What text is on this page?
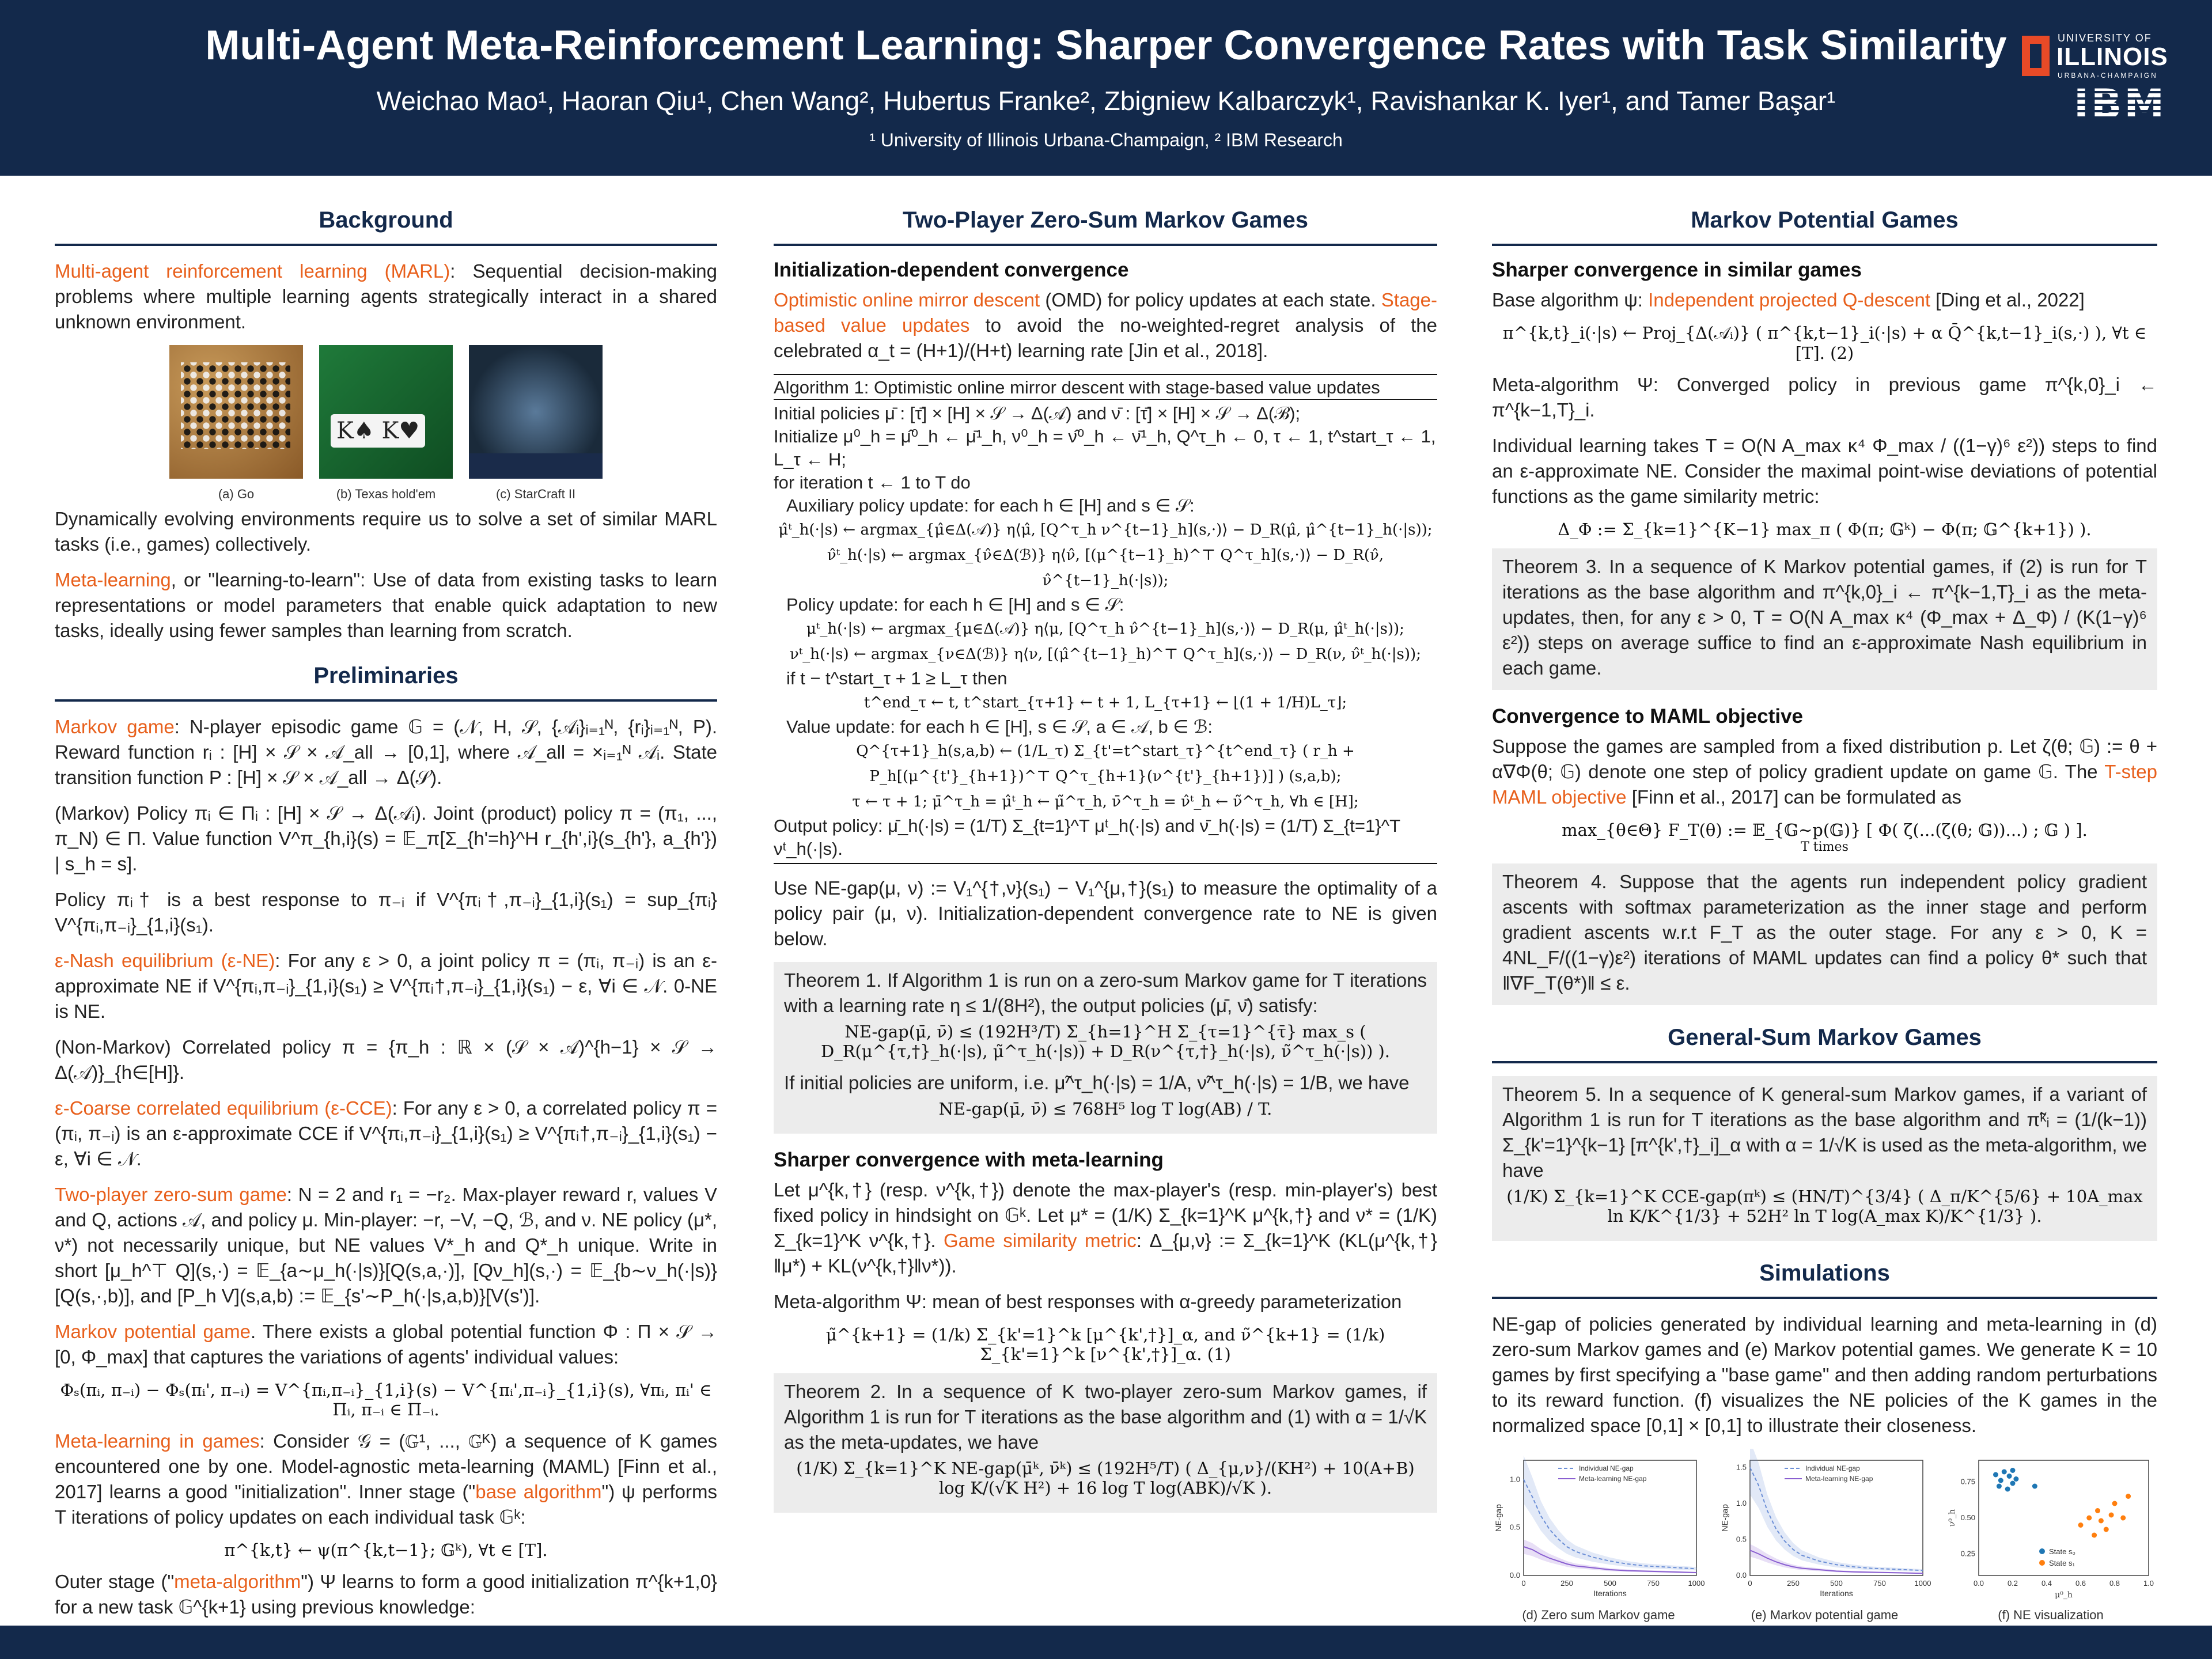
Multi-Agent Meta-Reinforcement Learning: Sharper Convergence Rates with Task Similarity
Weichao Mao¹, Haoran Qiu¹, Chen Wang², Hubertus Franke², Zbigniew Kalbarczyk¹, Ravishankar K. Iyer¹, and Tamer Başar¹
¹ University of Illinois Urbana-Champaign, ² IBM Research
UNIVERSITY OF
ILLINOIS
URBANA-CHAMPAIGN
IBM
Background

Multi-agent reinforcement learning (MARL): Sequential decision-making problems where multiple learning agents strategically interact in a shared unknown environment.

(a) Go
K♠ K♥	(b) Texas hold'em	(c) StarCraft II

Dynamically evolving environments require us to solve a set of similar MARL tasks (i.e., games) collectively.

Meta-learning, or "learning-to-learn": Use of data from existing tasks to learn representations or model parameters that enable quick adaptation to new tasks, ideally using fewer samples than learning from scratch.

Preliminaries

Markov game: N-player episodic game 𝔾 = (𝒩, H, 𝒮, {𝒜ᵢ}ᵢ₌₁ᴺ, {rᵢ}ᵢ₌₁ᴺ, P). Reward function rᵢ : [H] × 𝒮 × 𝒜_all → [0,1], where 𝒜_all = ×ᵢ₌₁ᴺ 𝒜ᵢ. State transition function P : [H] × 𝒮 × 𝒜_all → Δ(𝒮).

(Markov) Policy πᵢ ∈ Πᵢ : [H] × 𝒮 → Δ(𝒜ᵢ). Joint (product) policy π = (π₁, ..., π_N) ∈ Π. Value function V^π_{h,i}(s) = 𝔼_π[Σ_{h'=h}^H r_{h',i}(s_{h'}, a_{h'}) | s_h = s].

Policy πᵢ† is a best response to π₋ᵢ if V^{πᵢ†,π₋ᵢ}_{1,i}(s₁) = sup_{πᵢ} V^{πᵢ,π₋ᵢ}_{1,i}(s₁).

ε-Nash equilibrium (ε-NE): For any ε > 0, a joint policy π = (πᵢ, π₋ᵢ) is an ε-approximate NE if V^{πᵢ,π₋ᵢ}_{1,i}(s₁) ≥ V^{πᵢ†,π₋ᵢ}_{1,i}(s₁) − ε, ∀i ∈ 𝒩. 0-NE is NE.

(Non-Markov) Correlated policy π = {π_h : ℝ × (𝒮 × 𝒜)^{h−1} × 𝒮 → Δ(𝒜)}_{h∈[H]}.

ε-Coarse correlated equilibrium (ε-CCE): For any ε > 0, a correlated policy π = (πᵢ, π₋ᵢ) is an ε-approximate CCE if V^{πᵢ,π₋ᵢ}_{1,i}(s₁) ≥ V^{πᵢ†,π₋ᵢ}_{1,i}(s₁) − ε, ∀i ∈ 𝒩.

Two-player zero-sum game: N = 2 and r₁ = −r₂. Max-player reward r, values V and Q, actions 𝒜, and policy μ. Min-player: −r, −V, −Q, ℬ, and ν. NE policy (μ*, ν*) not necessarily unique, but NE values V*_h and Q*_h unique. Write in short [μ_h^⊤ Q](s,·) = 𝔼_{a∼μ_h(·|s)}[Q(s,a,·)], [Qν_h](s,·) = 𝔼_{b∼ν_h(·|s)}[Q(s,·,b)], and [P_h V](s,a,b) := 𝔼_{s'∼P_h(·|s,a,b)}[V(s')].

Markov potential game. There exists a global potential function Φ : Π × 𝒮 → [0, Φ_max] that captures the variations of agents' individual values:

Φₛ(πᵢ, π₋ᵢ) − Φₛ(πᵢ', π₋ᵢ) = V^{πᵢ,π₋ᵢ}_{1,i}(s) − V^{πᵢ',π₋ᵢ}_{1,i}(s), ∀πᵢ, πᵢ' ∈ Πᵢ, π₋ᵢ ∈ Π₋ᵢ.

Meta-learning in games: Consider 𝒢 = (𝔾¹, ..., 𝔾ᴷ) a sequence of K games encountered one by one. Model-agnostic meta-learning (MAML) [Finn et al., 2017] learns a good "initialization". Inner stage ("base algorithm") ψ performs T iterations of policy updates on each individual task 𝔾ᵏ:

π^{k,t} ← ψ(π^{k,t−1}; 𝔾ᵏ), ∀t ∈ [T].

Outer stage ("meta-algorithm") Ψ learns to form a good initialization π^{k+1,0} for a new task 𝔾^{k+1} using previous knowledge:

Two-Player Zero-Sum Markov Games
Initialization-dependent convergence

Optimistic online mirror descent (OMD) for policy updates at each state. Stage-based value updates to avoid the no-weighted-regret analysis of the celebrated α_t = (H+1)/(H+t) learning rate [Jin et al., 2018].

Algorithm 1: Optimistic online mirror descent with stage-based value updates
Initial policies μ̄ : [τ̄] × [H] × 𝒮 → Δ(𝒜) and ν̄ : [τ̄] × [H] × 𝒮 → Δ(ℬ);
Initialize μ⁰_h = μ̂⁰_h ← μ̄¹_h, ν⁰_h = ν̂⁰_h ← ν̄¹_h, Q^τ_h ← 0, τ ← 1, t^start_τ ← 1, L_τ ← H;
for iteration t ← 1 to T do
Auxiliary policy update: for each h ∈ [H] and s ∈ 𝒮:
μ̂ᵗ_h(·|s) ← argmax_{μ̂∈Δ(𝒜)} η⟨μ̂, [Q^τ_h ν^{t−1}_h](s,·)⟩ − D_R(μ̂, μ̂^{t−1}_h(·|s));
ν̂ᵗ_h(·|s) ← argmax_{ν̂∈Δ(ℬ)} η⟨ν̂, [(μ^{t−1}_h)^⊤ Q^τ_h](s,·)⟩ − D_R(ν̂, ν̂^{t−1}_h(·|s));
Policy update: for each h ∈ [H] and s ∈ 𝒮:
μᵗ_h(·|s) ← argmax_{μ∈Δ(𝒜)} η⟨μ, [Q^τ_h ν̂^{t−1}_h](s,·)⟩ − D_R(μ, μ̂ᵗ_h(·|s));
νᵗ_h(·|s) ← argmax_{ν∈Δ(ℬ)} η⟨ν, [(μ̂^{t−1}_h)^⊤ Q^τ_h](s,·)⟩ − D_R(ν, ν̂ᵗ_h(·|s));
if t − t^start_τ + 1 ≥ L_τ then
t^end_τ ← t, t^start_{τ+1} ← t + 1, L_{τ+1} ← ⌊(1 + 1/H)L_τ⌋;
Value update: for each h ∈ [H], s ∈ 𝒮, a ∈ 𝒜, b ∈ ℬ:
Q^{τ+1}_h(s,a,b) ← (1/L_τ) Σ_{t'=t^start_τ}^{t^end_τ} ( r_h + P_h[(μ^{t'}_{h+1})^⊤ Q^τ_{h+1}(ν^{t'}_{h+1})] ) (s,a,b);
τ ← τ + 1; μ̄^τ_h = μ̂ᵗ_h ← μ̃^τ_h, ν̄^τ_h = ν̂ᵗ_h ← ν̃^τ_h, ∀h ∈ [H];
Output policy: μ̄_h(·|s) = (1/T) Σ_{t=1}^T μᵗ_h(·|s) and ν̄_h(·|s) = (1/T) Σ_{t=1}^T νᵗ_h(·|s).

Use NE-gap(μ, ν) := V₁^{†,ν}(s₁) − V₁^{μ,†}(s₁) to measure the optimality of a policy pair (μ, ν). Initialization-dependent convergence rate to NE is given below.

Theorem 1. If Algorithm 1 is run on a zero-sum Markov game for T iterations with a learning rate η ≤ 1/(8H²), the output policies (μ̄, ν̄) satisfy:

NE-gap(μ̄, ν̄) ≤ (192H³/T) Σ_{h=1}^H Σ_{τ=1}^{τ̄} max_s ( D_R(μ^{τ,†}_h(·|s), μ̃^τ_h(·|s)) + D_R(ν^{τ,†}_h(·|s), ν̃^τ_h(·|s)) ).

If initial policies are uniform, i.e. μ̃^τ_h(·|s) = 1/A, ν̃^τ_h(·|s) = 1/B, we have

NE-gap(μ̄, ν̄) ≤ 768H⁵ log T log(AB) / T.
Sharper convergence with meta-learning

Let μ^{k,†} (resp. ν^{k,†}) denote the max-player's (resp. min-player's) best fixed policy in hindsight on 𝔾ᵏ. Let μ* = (1/K) Σ_{k=1}^K μ^{k,†} and ν* = (1/K) Σ_{k=1}^K ν^{k,†}. Game similarity metric: Δ_{μ,ν} := Σ_{k=1}^K (KL(μ^{k,†}‖μ*) + KL(ν^{k,†}‖ν*)).

Meta-algorithm Ψ: mean of best responses with α-greedy parameterization

μ̃^{k+1} = (1/k) Σ_{k'=1}^k [μ^{k',†}]_α, and ν̃^{k+1} = (1/k) Σ_{k'=1}^k [ν^{k',†}]_α. (1)

Theorem 2. In a sequence of K two-player zero-sum Markov games, if Algorithm 1 is run for T iterations as the base algorithm and (1) with α = 1/√K as the meta-updates, we have

(1/K) Σ_{k=1}^K NE-gap(μ̄ᵏ, ν̄ᵏ) ≤ (192H⁵/T) ( Δ_{μ,ν}/(KH²) + 10(A+B) log K/(√K H²) + 16 log T log(ABK)/√K ).
Markov Potential Games
Sharper convergence in similar games

Base algorithm ψ: Independent projected Q-descent [Ding et al., 2022]

π^{k,t}_i(·|s) ← Proj_{Δ(𝒜ᵢ)} ( π^{k,t−1}_i(·|s) + α Q̄^{k,t−1}_i(s,·) ), ∀t ∈ [T]. (2)

Meta-algorithm Ψ: Converged policy in previous game π^{k,0}_i ← π^{k−1,T}_i.

Individual learning takes T = O(N A_max κ⁴ Φ_max / ((1−γ)⁶ ε²)) steps to find an ε-approximate NE. Consider the maximal point-wise deviations of potential functions as the game similarity metric:

Δ_Φ := Σ_{k=1}^{K−1} max_π ( Φ(π; 𝔾ᵏ) − Φ(π; 𝔾^{k+1}) ).

Theorem 3. In a sequence of K Markov potential games, if (2) is run for T iterations as the base algorithm and π^{k,0}_i ← π^{k−1,T}_i as the meta-updates, then, for any ε > 0, T = O(N A_max κ⁴ (Φ_max + Δ_Φ) / (K(1−γ)⁶ ε²)) steps on average suffice to find an ε-approximate Nash equilibrium in each game.

Convergence to MAML objective

Suppose the games are sampled from a fixed distribution p. Let ζ(θ; 𝔾) := θ + α∇Φ(θ; 𝔾) denote one step of policy gradient update on game 𝔾. The T-step MAML objective [Finn et al., 2017] can be formulated as

max_{θ∈Θ} F_T(θ) := 𝔼_{𝔾∼p(𝔾)} [ Φ( ζ(...(ζ(θ; 𝔾))...) ; 𝔾 ) ].
T times

Theorem 4. Suppose that the agents run independent policy gradient ascents with softmax parameterization as the inner stage and perform gradient ascents w.r.t F_T as the outer stage. For any ε > 0, K = 4NL_F/((1−γ)ε²) iterations of MAML updates can find a policy θ* such that ‖∇F_T(θ*)‖ ≤ ε.

General-Sum Markov Games

Theorem 5. In a sequence of K general-sum Markov games, if a variant of Algorithm 1 is run for T iterations as the base algorithm and π̃ᵏᵢ = (1/(k−1)) Σ_{k'=1}^{k−1} [π^{k',†}_i]_α with α = 1/√K is used as the meta-algorithm, we have

(1/K) Σ_{k=1}^K CCE-gap(πᵏ) ≤ (HN/T)^{3/4} ( Δ_π/K^{5/6} + 10A_max ln K/K^{1/3} + 52H² ln T log(A_max K)/K^{1/3} ).
Simulations

NE-gap of policies generated by individual learning and meta-learning in (d) zero-sum Markov games and (e) Markov potential games. We generate K = 10 games by first specifying a "base game" and then adding random perturbations to its reward function. (f) visualizes the NE policies of the K games in the normalized space [0,1] × [0,1] to illustrate their closeness.

0	250	500	750	1000
0.0
0.5
1.0
Iterations
NE-gap
Individual NE-gap
Meta-learning NE-gap
(d) Zero sum Markov game
0	250	500	750	1000
0.0
0.5
1.0
1.5
Iterations
NE-gap
Individual NE-gap
Meta-learning NE-gap
(e) Markov potential game
0.0	0.2	0.4	0.6	0.8	1.0
0.25
0.50
0.75
μ⁰_h
ν⁰_h
State s₀
State s₁
(f) NE visualization
